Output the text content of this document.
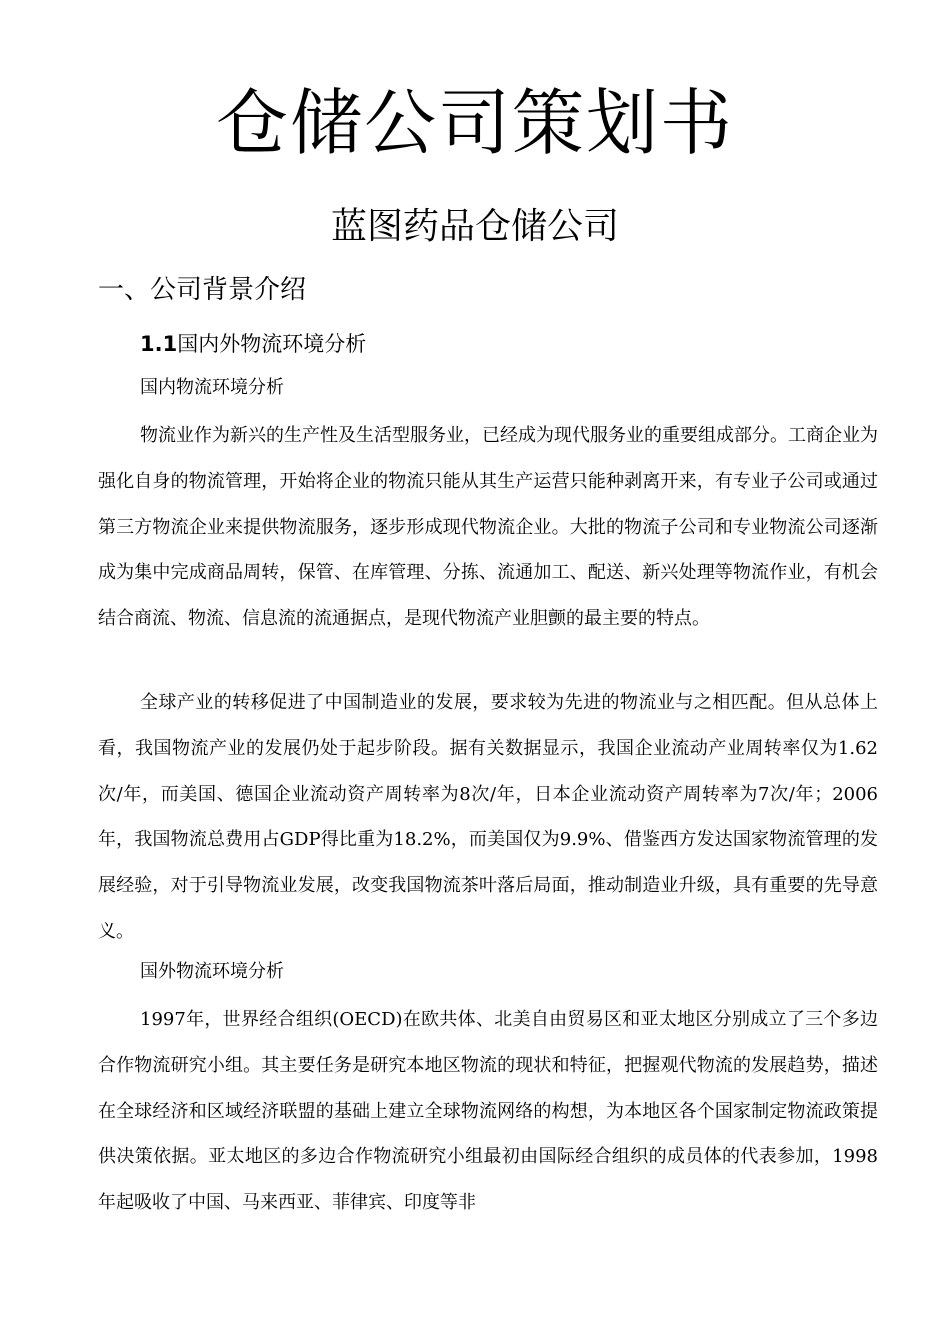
仓储公司策划书
蓝图药品仓储公司
一、公司背景介绍
1.1国内外物流环境分析
国内物流环境分析

物流业作为新兴的生产性及生活型服务业，已经成为现代服务业的重要组成部分。工商企业为强化自身的物流管理，开始将企业的物流只能从其生产运营只能种剥离开来，有专业子公司或通过第三方物流企业来提供物流服务，逐步形成现代物流企业。大批的物流子公司和专业物流公司逐渐成为集中完成商品周转，保管、在库管理、分拣、流通加工、配送、新兴处理等物流作业，有机会结合商流、物流、信息流的流通据点，是现代物流产业胆颤的最主要的特点。

全球产业的转移促进了中国制造业的发展，要求较为先进的物流业与之相匹配。但从总体上看，我国物流产业的发展仍处于起步阶段。据有关数据显示，我国企业流动产业周转率仅为1.62次/年，而美国、德国企业流动资产周转率为8次/年，日本企业流动资产周转率为7次/年；2006年，我国物流总费用占GDP得比重为18.2%，而美国仅为9.9%、借鉴西方发达国家物流管理的发展经验，对于引导物流业发展，改变我国物流茶叶落后局面，推动制造业升级，具有重要的先导意义。

国外物流环境分析

1997年，世界经合组织(OECD)在欧共体、北美自由贸易区和亚太地区分别成立了三个多边合作物流研究小组。其主要任务是研究本地区物流的现状和特征，把握观代物流的发展趋势，描述在全球经济和区域经济联盟的基础上建立全球物流网络的构想，为本地区各个国家制定物流政策提供决策依据。亚太地区的多边合作物流研究小组最初由国际经合组织的成员体的代表参加，1998年起吸收了中国、马来西亚、菲律宾、印度等非
